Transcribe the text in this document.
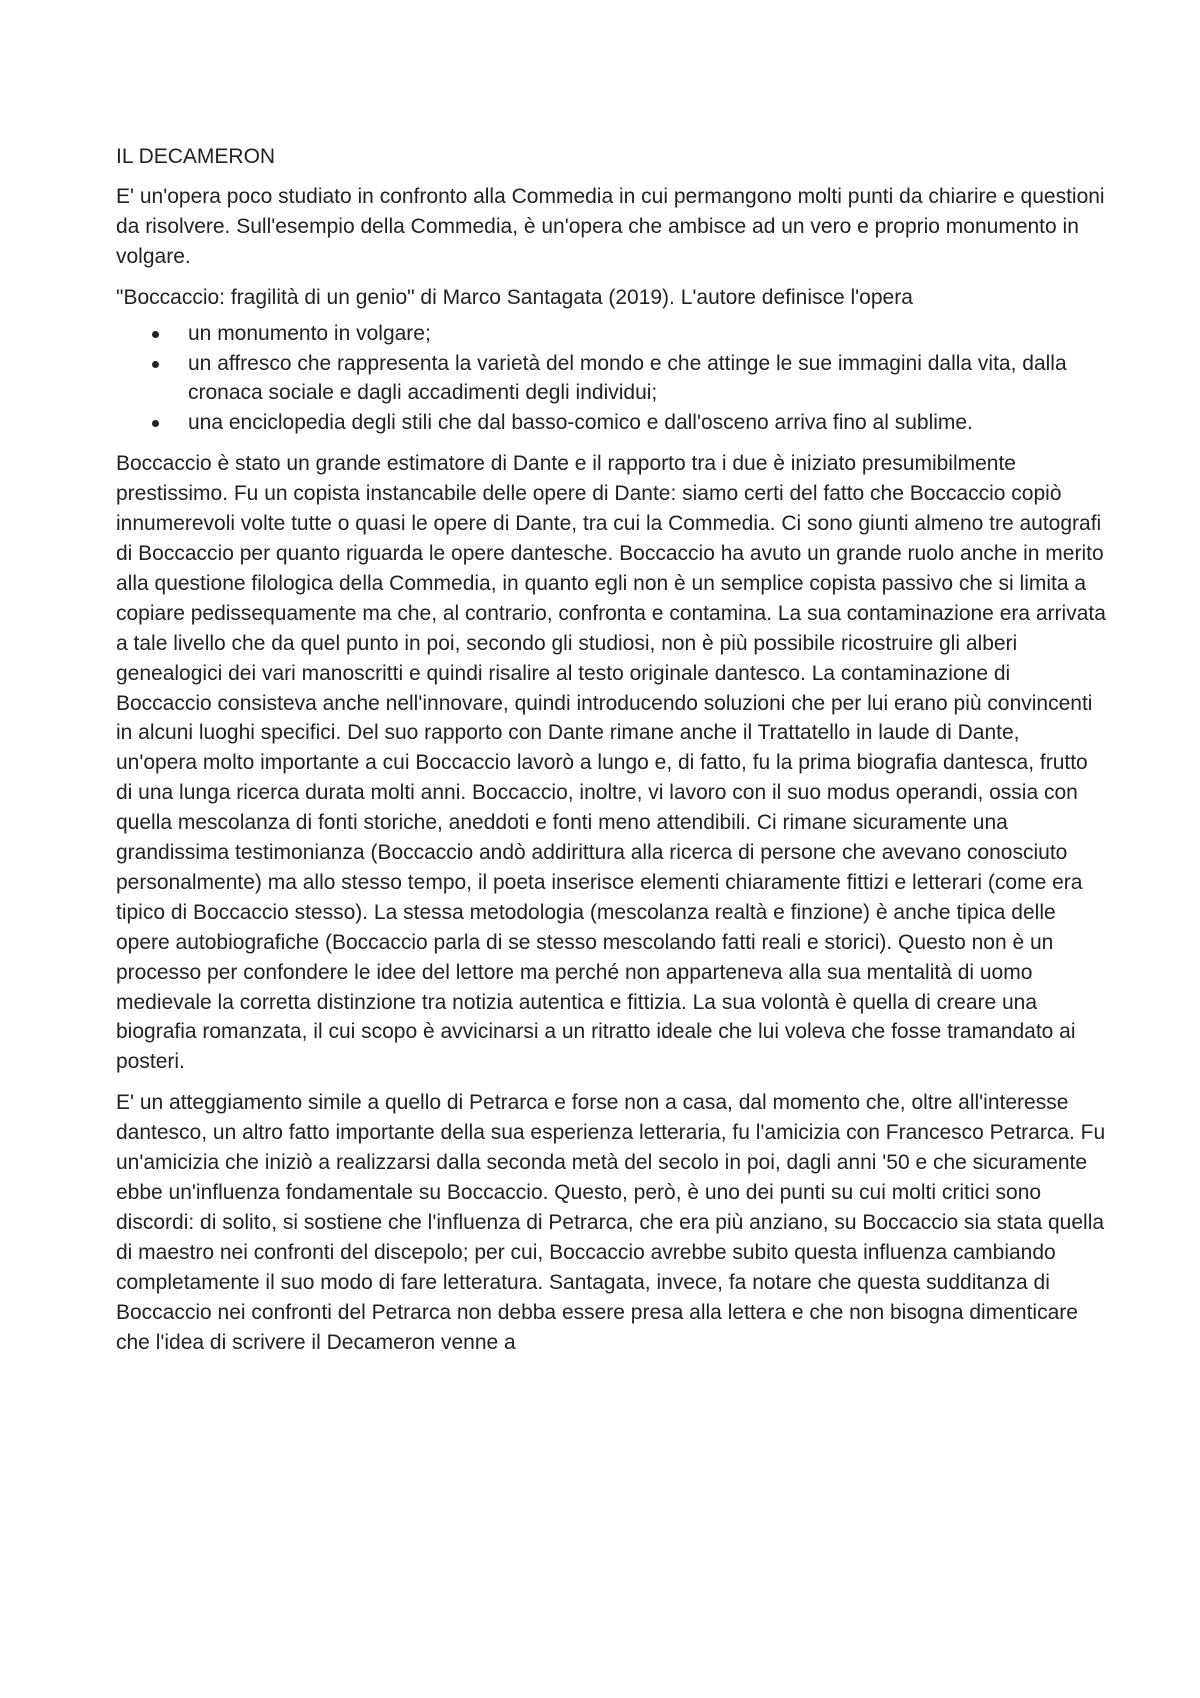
IL DECAMERON

E' un'opera poco studiato in confronto alla Commedia in cui permangono molti punti da chiarire e questioni da risolvere. Sull'esempio della Commedia, è un'opera che ambisce ad un vero e proprio monumento in volgare.

"Boccaccio: fragilità di un genio" di Marco Santagata (2019). L'autore definisce l'opera

un monumento in volgare;
un affresco che rappresenta la varietà del mondo e che attinge le sue immagini dalla vita, dalla cronaca sociale e dagli accadimenti degli individui;
una enciclopedia degli stili che dal basso-comico e dall'osceno arriva fino al sublime.

Boccaccio è stato un grande estimatore di Dante e il rapporto tra i due è iniziato presumibilmente prestissimo. Fu un copista instancabile delle opere di Dante: siamo certi del fatto che Boccaccio copiò innumerevoli volte tutte o quasi le opere di Dante, tra cui la Commedia. Ci sono giunti almeno tre autografi di Boccaccio per quanto riguarda le opere dantesche. Boccaccio ha avuto un grande ruolo anche in merito alla questione filologica della Commedia, in quanto egli non è un semplice copista passivo che si limita a copiare pedissequamente ma che, al contrario, confronta e contamina. La sua contaminazione era arrivata a tale livello che da quel punto in poi, secondo gli studiosi, non è più possibile ricostruire gli alberi genealogici dei vari manoscritti e quindi risalire al testo originale dantesco. La contaminazione di Boccaccio consisteva anche nell'innovare, quindi introducendo soluzioni che per lui erano più convincenti in alcuni luoghi specifici. Del suo rapporto con Dante rimane anche il Trattatello in laude di Dante, un'opera molto importante a cui Boccaccio lavorò a lungo e, di fatto, fu la prima biografia dantesca, frutto di una lunga ricerca durata molti anni. Boccaccio, inoltre, vi lavoro con il suo modus operandi, ossia con quella mescolanza di fonti storiche, aneddoti e fonti meno attendibili. Ci rimane sicuramente una grandissima testimonianza (Boccaccio andò addirittura alla ricerca di persone che avevano conosciuto personalmente) ma allo stesso tempo, il poeta inserisce elementi chiaramente fittizi e letterari (come era tipico di Boccaccio stesso). La stessa metodologia (mescolanza realtà e finzione) è anche tipica delle opere autobiografiche (Boccaccio parla di se stesso mescolando fatti reali e storici). Questo non è un processo per confondere le idee del lettore ma perché non apparteneva alla sua mentalità di uomo medievale la corretta distinzione tra notizia autentica e fittizia. La sua volontà è quella di creare una biografia romanzata, il cui scopo è avvicinarsi a un ritratto ideale che lui voleva che fosse tramandato ai posteri.

E' un atteggiamento simile a quello di Petrarca e forse non a casa, dal momento che, oltre all'interesse dantesco, un altro fatto importante della sua esperienza letteraria, fu l'amicizia con Francesco Petrarca. Fu un'amicizia che iniziò a realizzarsi dalla seconda metà del secolo in poi, dagli anni '50 e che sicuramente ebbe un'influenza fondamentale su Boccaccio. Questo, però, è uno dei punti su cui molti critici sono discordi: di solito, si sostiene che l'influenza di Petrarca, che era più anziano, su Boccaccio sia stata quella di maestro nei confronti del discepolo; per cui, Boccaccio avrebbe subito questa influenza cambiando completamente il suo modo di fare letteratura. Santagata, invece, fa notare che questa sudditanza di Boccaccio nei confronti del Petrarca non debba essere presa alla lettera e che non bisogna dimenticare che l'idea di scrivere il Decameron venne a
